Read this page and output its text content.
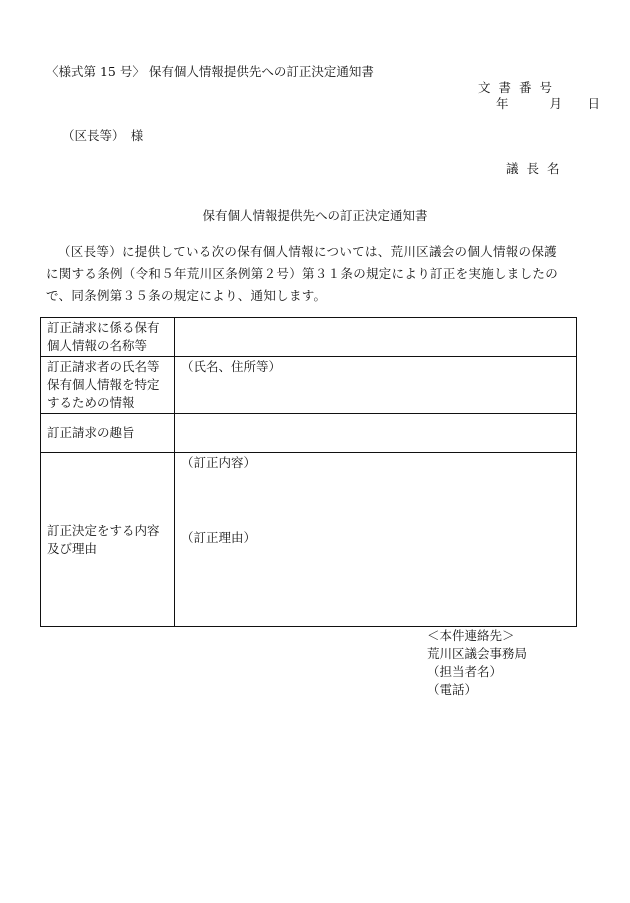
〈様式第 15 号〉 保有個人情報提供先への訂正決定通知書
文書番号
年	月 日
（区長等）　様
議長名
保有個人情報提供先への訂正決定通知書

（区長等）に提供している次の保有個人情報については、荒川区議会の個人情報の保護

に関する条例（令和５年荒川区条例第２号）第３１条の規定により訂正を実施しましたの

で、同条例第３５条の規定により、通知します。

訂正請求に係る保有
個人情報の名称等	

訂正請求者の氏名等
保有個人情報を特定
するための情報	（氏名、住所等）
訂正請求の趣旨	

訂正決定をする内容
及び理由	（訂正内容）
（訂正理由）
＜本件連絡先＞
荒川区議会事務局
（担当者名）
（電話）
